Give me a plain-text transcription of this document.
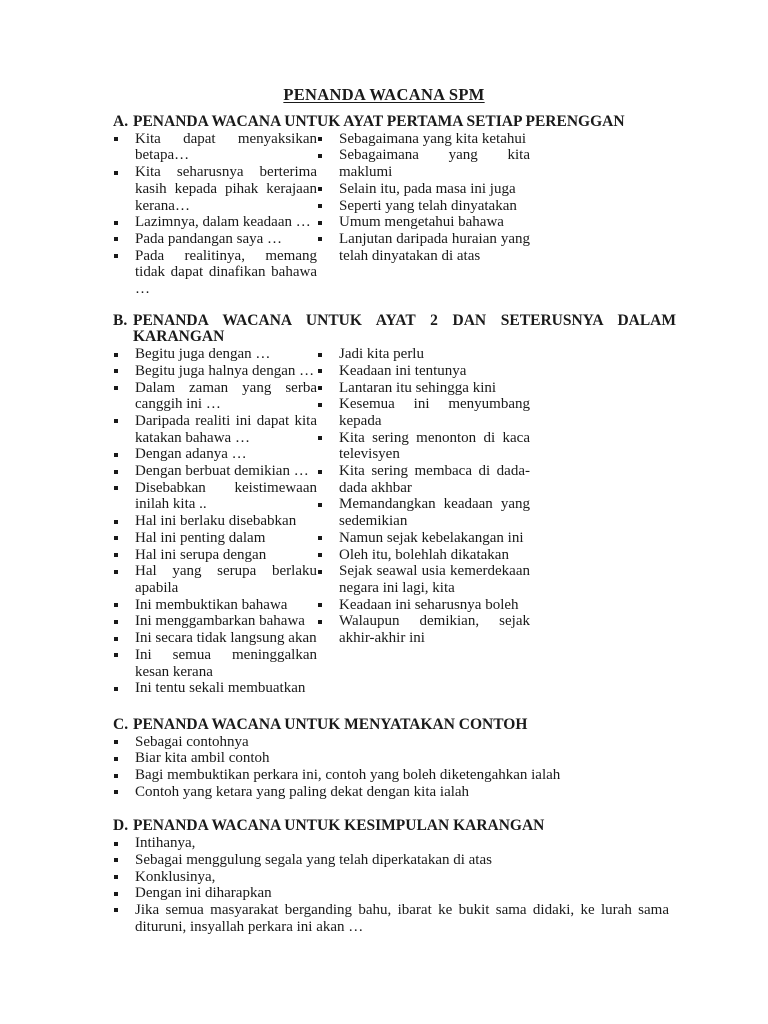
PENANDA WACANA SPM
A. PENANDA WACANA UNTUK AYAT PERTAMA SETIAP PERENGGAN
Kita dapat menyaksikan betapa…
Kita seharusnya berterima kasih kepada pihak kerajaan kerana…
Lazimnya, dalam keadaan …
Pada pandangan saya …
Pada realitinya, memang tidak dapat dinafikan bahawa …
Sebagaimana yang kita ketahui
Sebagaimana yang kita maklumi
Selain itu, pada masa ini juga
Seperti yang telah dinyatakan
Umum mengetahui bahawa
Lanjutan daripada huraian yang telah dinyatakan di atas
B. PENANDA WACANA UNTUK AYAT 2 DAN SETERUSNYA DALAM
KARANGAN
Begitu juga dengan …
Begitu juga halnya dengan …
Dalam zaman yang serba canggih ini …
Daripada realiti ini dapat kita katakan bahawa …
Dengan adanya …
Dengan berbuat demikian …
Disebabkan keistimewaan inilah kita ..
Hal ini berlaku disebabkan
Hal ini penting dalam
Hal ini serupa dengan
Hal yang serupa berlaku apabila
Ini membuktikan bahawa
Ini menggambarkan bahawa
Ini secara tidak langsung akan
Ini semua meninggalkan kesan kerana
Ini tentu sekali membuatkan
Jadi kita perlu
Keadaan ini tentunya
Lantaran itu sehingga kini
Kesemua ini menyumbang kepada
Kita sering menonton di kaca televisyen
Kita sering membaca di dada-dada akhbar
Memandangkan keadaan yang sedemikian
Namun sejak kebelakangan ini
Oleh itu, bolehlah dikatakan
Sejak seawal usia kemerdekaan negara ini lagi, kita
Keadaan ini seharusnya boleh
Walaupun demikian, sejak akhir-akhir ini
C. PENANDA WACANA UNTUK MENYATAKAN CONTOH
Sebagai contohnya
Biar kita ambil contoh
Bagi membuktikan perkara ini, contoh yang boleh diketengahkan ialah
Contoh yang ketara yang paling dekat dengan kita ialah
D. PENANDA WACANA UNTUK KESIMPULAN KARANGAN
Intihanya,
Sebagai menggulung segala yang telah diperkatakan di atas
Konklusinya,
Dengan ini diharapkan
Jika semua masyarakat berganding bahu, ibarat ke bukit sama didaki, ke lurah sama dituruni, insyallah perkara ini akan …
